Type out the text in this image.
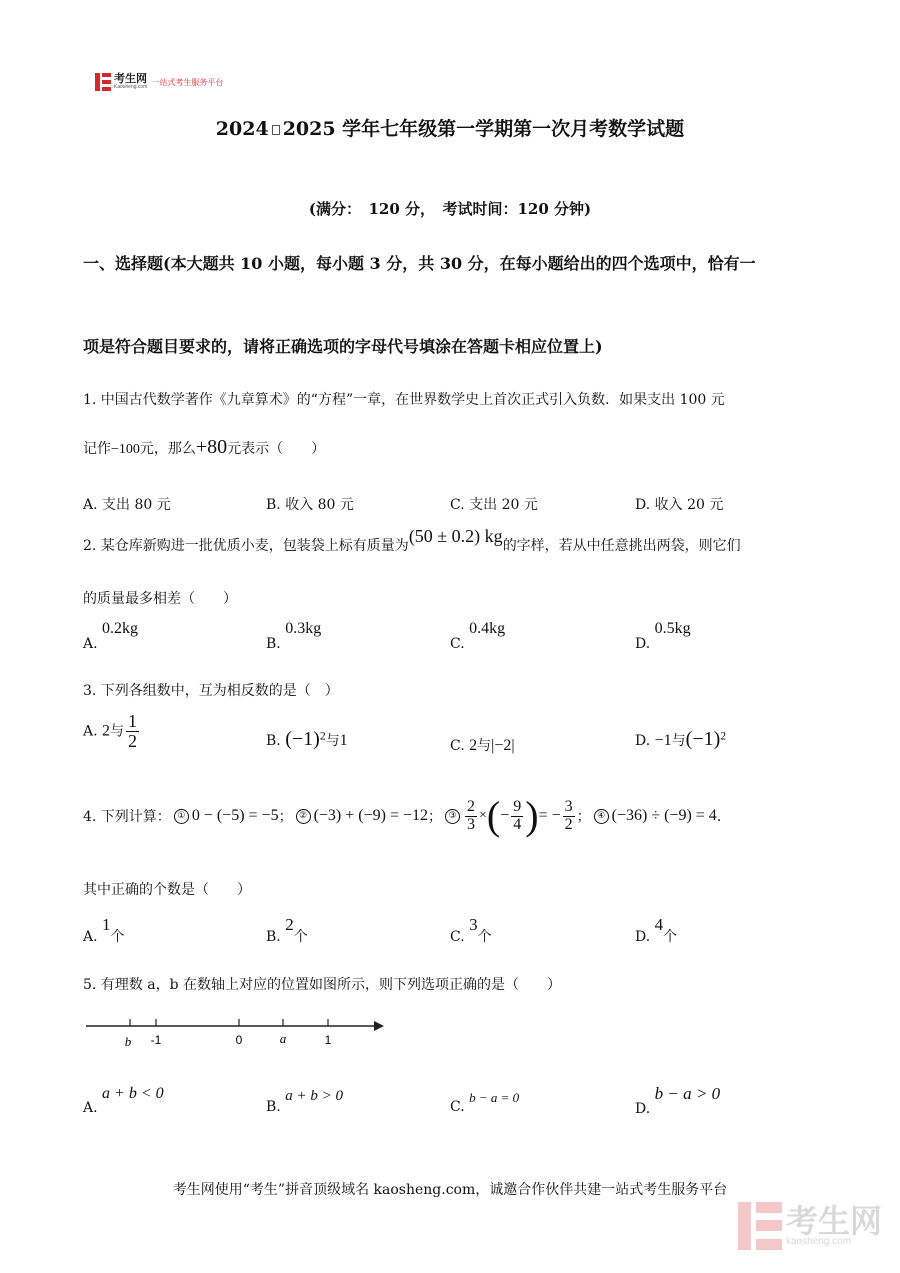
考生网
Kaosheng.com
一站式考生服务平台
2024 2025 学年七年级第一学期第一次月考数学试题
(满分：　120 分，　考试时间：120 分钟)
一、选择题(本大题共 10 小题，每小题 3 分，共 30 分，在每小题给出的四个选项中，恰有一
项是符合题目要求的，请将正确选项的字母代号填涂在答题卡相应位置上)
1. 中国古代数学著作《九章算术》的“方程”一章，在世界数学史上首次正式引入负数．如果支出 100 元
记作−100元，那么+80元表示（　　）
A. 支出 80 元	B. 收入 80 元	C. 支出 20 元	D. 收入 20 元
2. 某仓库新购进一批优质小麦，包装袋上标有质量为(50 ± 0.2) kg的字样，若从中任意挑出两袋，则它们
的质量最多相差（　　）
A. 0.2kg
B. 0.3kg
C. 0.4kg
D. 0.5kg
3. 下列各组数中，互为相反数的是（　）
A. 2与 $\frac{1}{2}$	B. $(-1)^2$与1	C. 2与|−2|	D. −1与$(-1)^2$
4. 下列计算： ① 0 − (−5) = −5 ； ② (−3) + (−9) = −12 ； ③ $\frac{2}{3}$ × ( − $\frac{9}{4}$ ) = − $\frac{3}{2}$ ； ④ (−36) ÷ (−9) = 4 ．
其中正确的个数是（　　）
A. 1个	B. 2个	C. 3个	D. 4个
5. 有理数 a，b 在数轴上对应的位置如图所示，则下列选项正确的是（　　）
b -1	0	a	1
A. a + b < 0
B. a + b > 0
C. b − a = 0
D. b − a > 0
考生网使用“考生”拼音顶级域名 kaosheng.com，诚邀合作伙伴共建一站式考生服务平台
考生网
kaosheng.com
